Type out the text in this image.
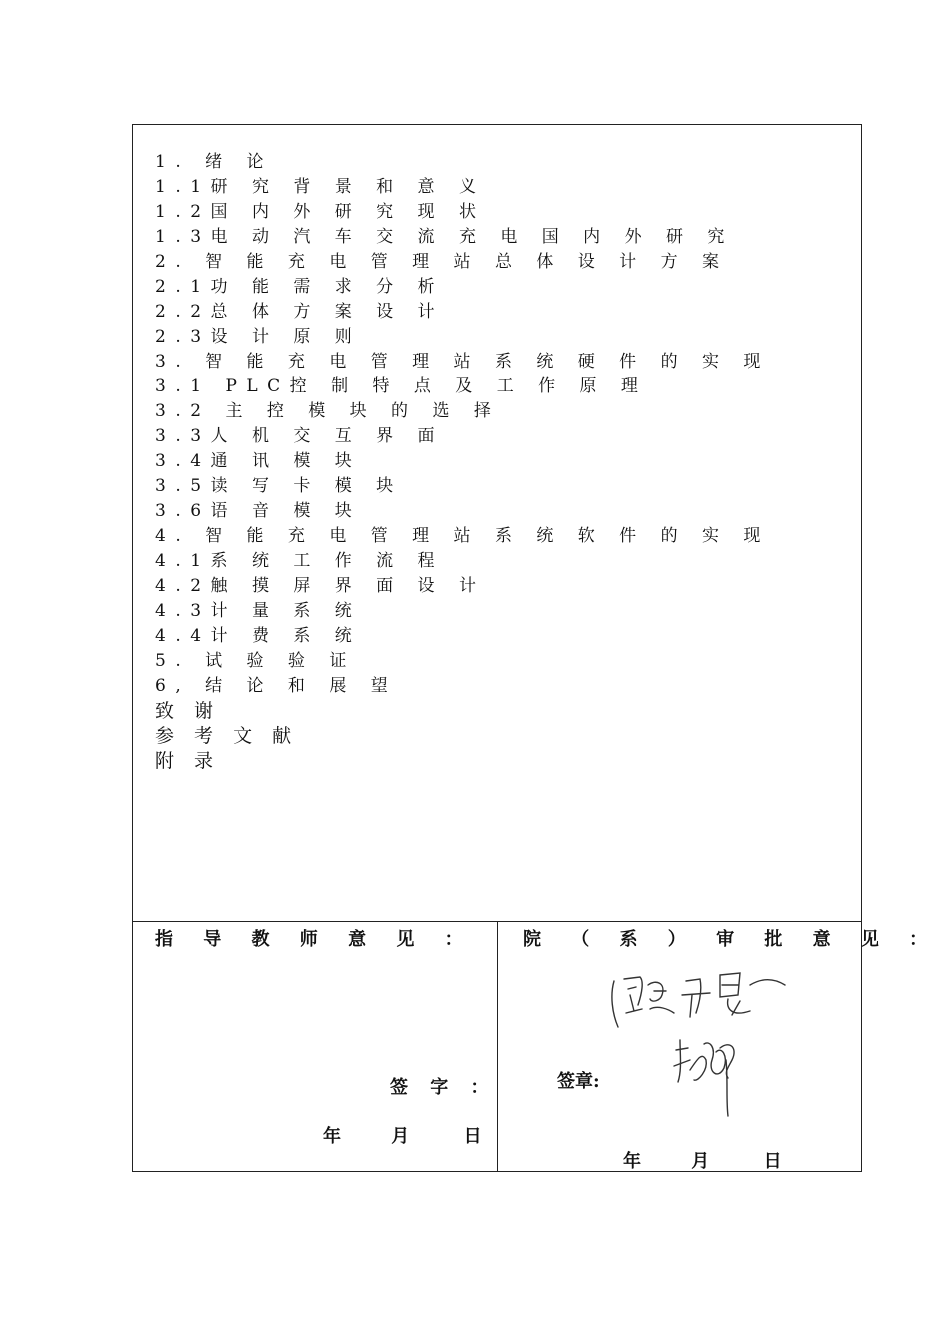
1. 绪 论
1.1研 究 背 景 和 意 义
1.2国 内 外 研 究 现 状
1.3电 动 汽 车 交 流 充 电 国 内 外 研 究
2. 智 能 充 电 管 理 站 总 体 设 计 方 案
2.1功 能 需 求 分 析
2.2总 体 方 案 设 计
2.3设 计 原 则
3. 智 能 充 电 管 理 站 系 统 硬 件 的 实 现
3.1 PLC控 制 特 点 及 工 作 原 理
3.2 主 控 模 块 的 选 择
3.3人 机 交 互 界 面
3.4通 讯 模 块
3.5读 写 卡 模 块
3.6语 音 模 块
4. 智 能 充 电 管 理 站 系 统 软 件 的 实 现
4.1系 统 工 作 流 程
4.2触 摸 屏 界 面 设 计
4.3计 量 系 统
4.4计 费 系 统
5. 试 验 验 证
6, 结 论 和 展 望
致 谢
参 考 文 献
附 录
指 导 教 师 意 见 ：
签 字 ：
年	月	日
院 （ 系 ） 审 批 意 见 ：
签章:
年	月	日
